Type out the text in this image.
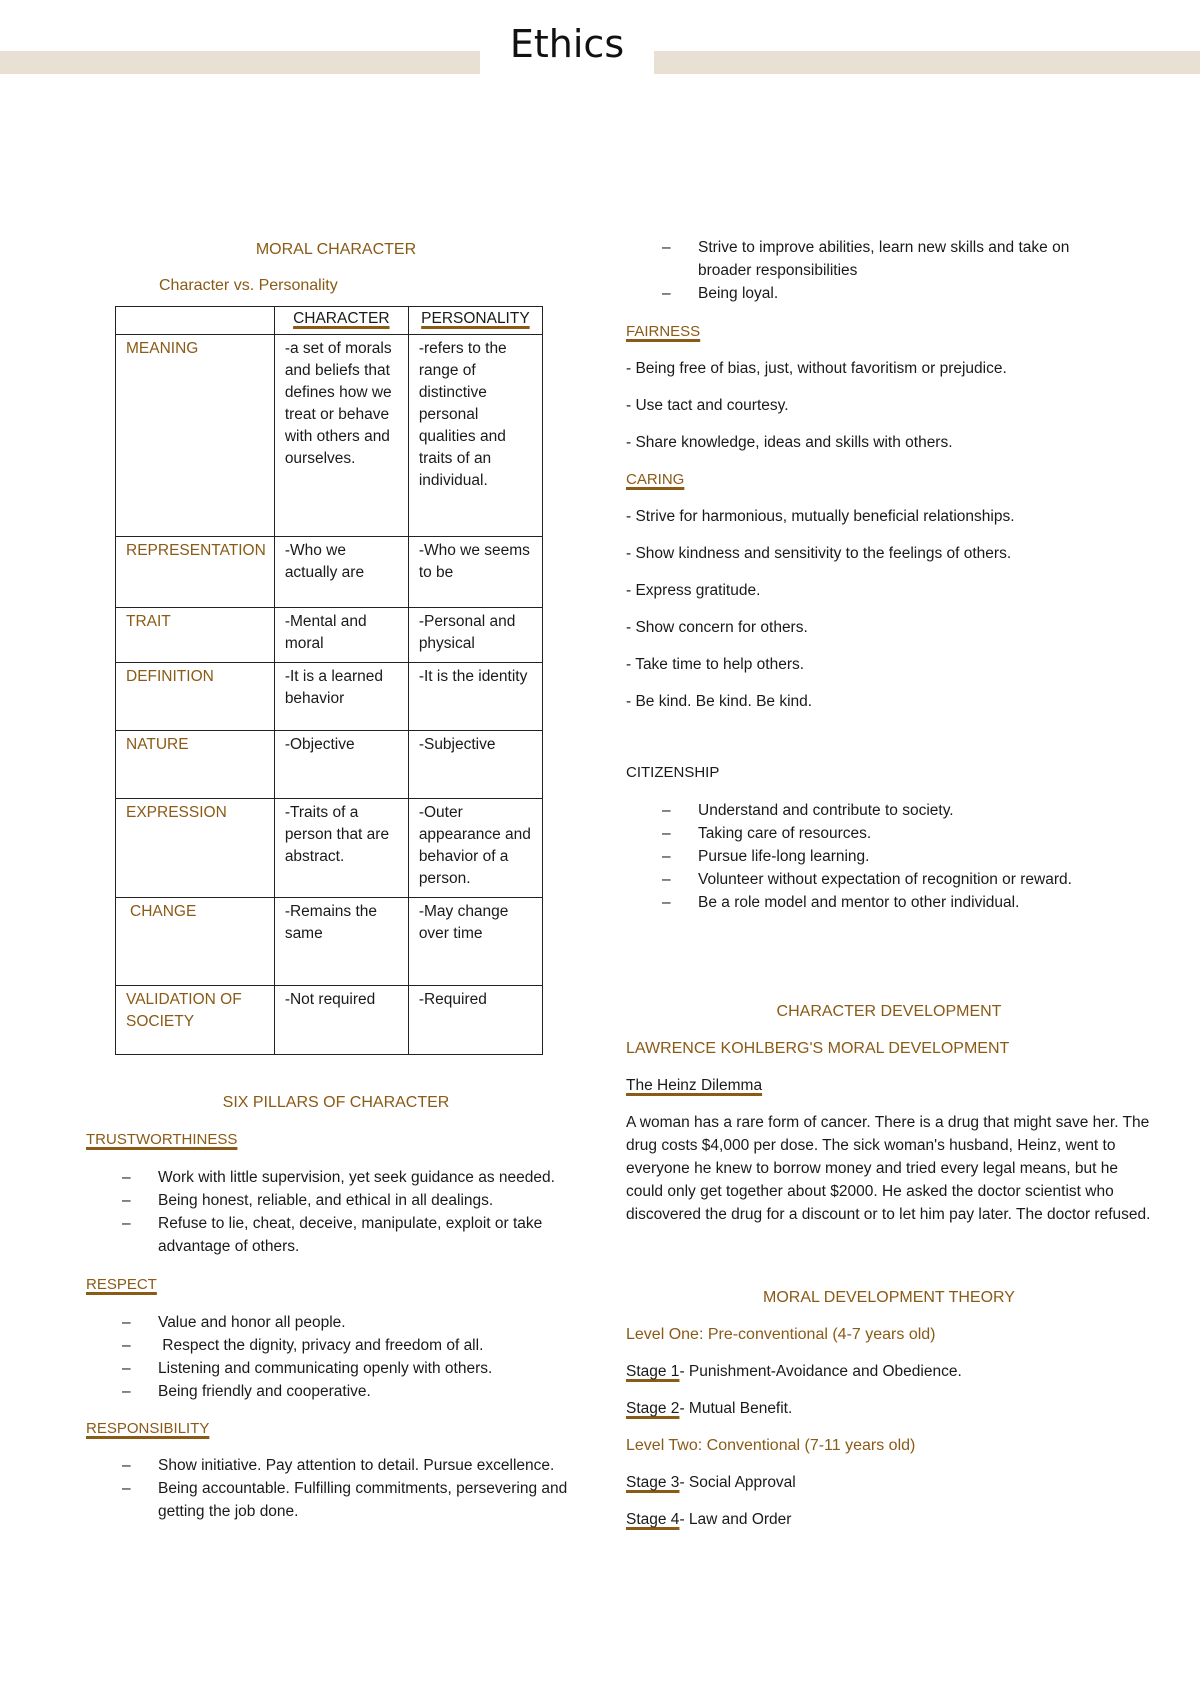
Ethics
MORAL CHARACTER
Character vs. Personality
	CHARACTER	PERSONALITY
MEANING	-a set of morals and beliefs that defines how we treat or behave with others and ourselves.	-refers to the range of distinctive personal qualities and traits of an individual.
REPRESENTATION	-Who we actually are	-Who we seems to be
TRAIT	-Mental and moral	-Personal and physical
DEFINITION	-It is a learned behavior	-It is the identity
NATURE	-Objective	-Subjective
EXPRESSION	-Traits of a person that are abstract.	-Outer appearance and behavior of a person.
CHANGE	-Remains the same	-May change over time
VALIDATION OF SOCIETY	-Not required	-Required
SIX PILLARS OF CHARACTER
TRUSTWORTHINESS
– Work with little supervision, yet seek guidance as needed.
– Being honest, reliable, and ethical in all dealings.
– Refuse to lie, cheat, deceive, manipulate, exploit or take advantage of others.
RESPECT
– Value and honor all people.
– Respect the dignity, privacy and freedom of all.
– Listening and communicating openly with others.
– Being friendly and cooperative.
RESPONSIBILITY
– Show initiative. Pay attention to detail. Pursue excellence.
– Being accountable. Fulfilling commitments, persevering and getting the job done.
– Strive to improve abilities, learn new skills and take on broader responsibilities
– Being loyal.
FAIRNESS

- Being free of bias, just, without favoritism or prejudice.

- Use tact and courtesy.

- Share knowledge, ideas and skills with others.

CARING

- Strive for harmonious, mutually beneficial relationships.

- Show kindness and sensitivity to the feelings of others.

- Express gratitude.

- Show concern for others.

- Take time to help others.

- Be kind. Be kind. Be kind.

CITIZENSHIP
– Understand and contribute to society.
– Taking care of resources.
– Pursue life-long learning.
– Volunteer without expectation of recognition or reward.
– Be a role model and mentor to other individual.
CHARACTER DEVELOPMENT
LAWRENCE KOHLBERG'S MORAL DEVELOPMENT
The Heinz Dilemma

A woman has a rare form of cancer. There is a drug that might save her. The drug costs $4,000 per dose. The sick woman's husband, Heinz, went to everyone he knew to borrow money and tried every legal means, but he could only get together about $2000. He asked the doctor scientist who discovered the drug for a discount or to let him pay later. The doctor refused.

MORAL DEVELOPMENT THEORY
Level One: Pre-conventional (4-7 years old)

Stage 1- Punishment-Avoidance and Obedience.

Stage 2- Mutual Benefit.

Level Two: Conventional (7-11 years old)

Stage 3- Social Approval

Stage 4- Law and Order
